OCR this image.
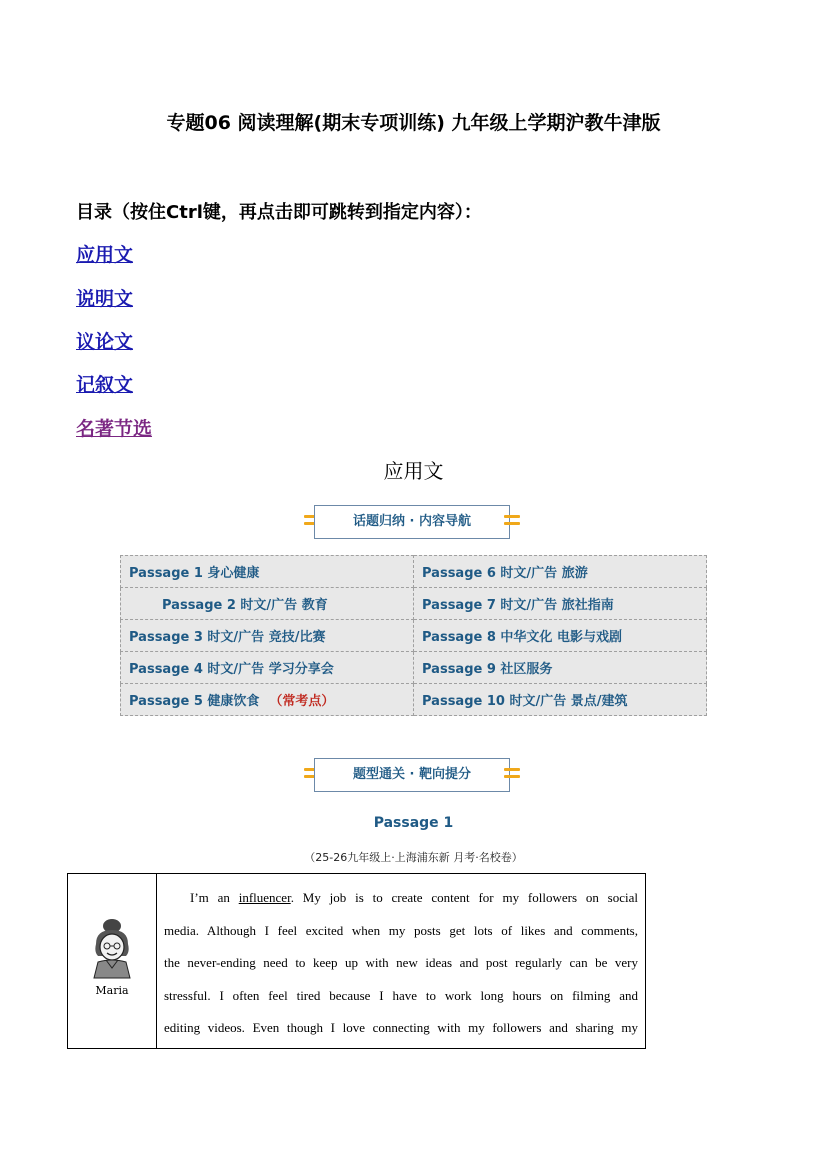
专题06 阅读理解(期末专项训练) 九年级上学期沪教牛津版
目录（按住Ctrl键，再点击即可跳转到指定内容）：
应用文
说明文
议论文
记叙文
名著节选
应用文
话题归纳 · 内容导航
Passage 1 身心健康	Passage 6 时文/广告 旅游
Passage 2 时文/广告 教育	Passage 7 时文/广告 旅社指南
Passage 3 时文/广告 竞技/比赛	Passage 8 中华文化 电影与戏剧
Passage 4 时文/广告 学习分享会	Passage 9 社区服务
Passage 5 健康饮食 （常考点）	Passage 10 时文/广告 景点/建筑
题型通关 · 靶向提分
Passage 1
（25-26九年级上·上海浦东新 月考·名校卷）
Maria
I’m an influencer. My job is to create content for my followers on social
media. Although I feel excited when my posts get lots of likes and comments,
the never-ending need to keep up with new ideas and post regularly can be very
stressful. I often feel tired because I have to work long hours on filming and
editing videos. Even though I love connecting with my followers and sharing my
